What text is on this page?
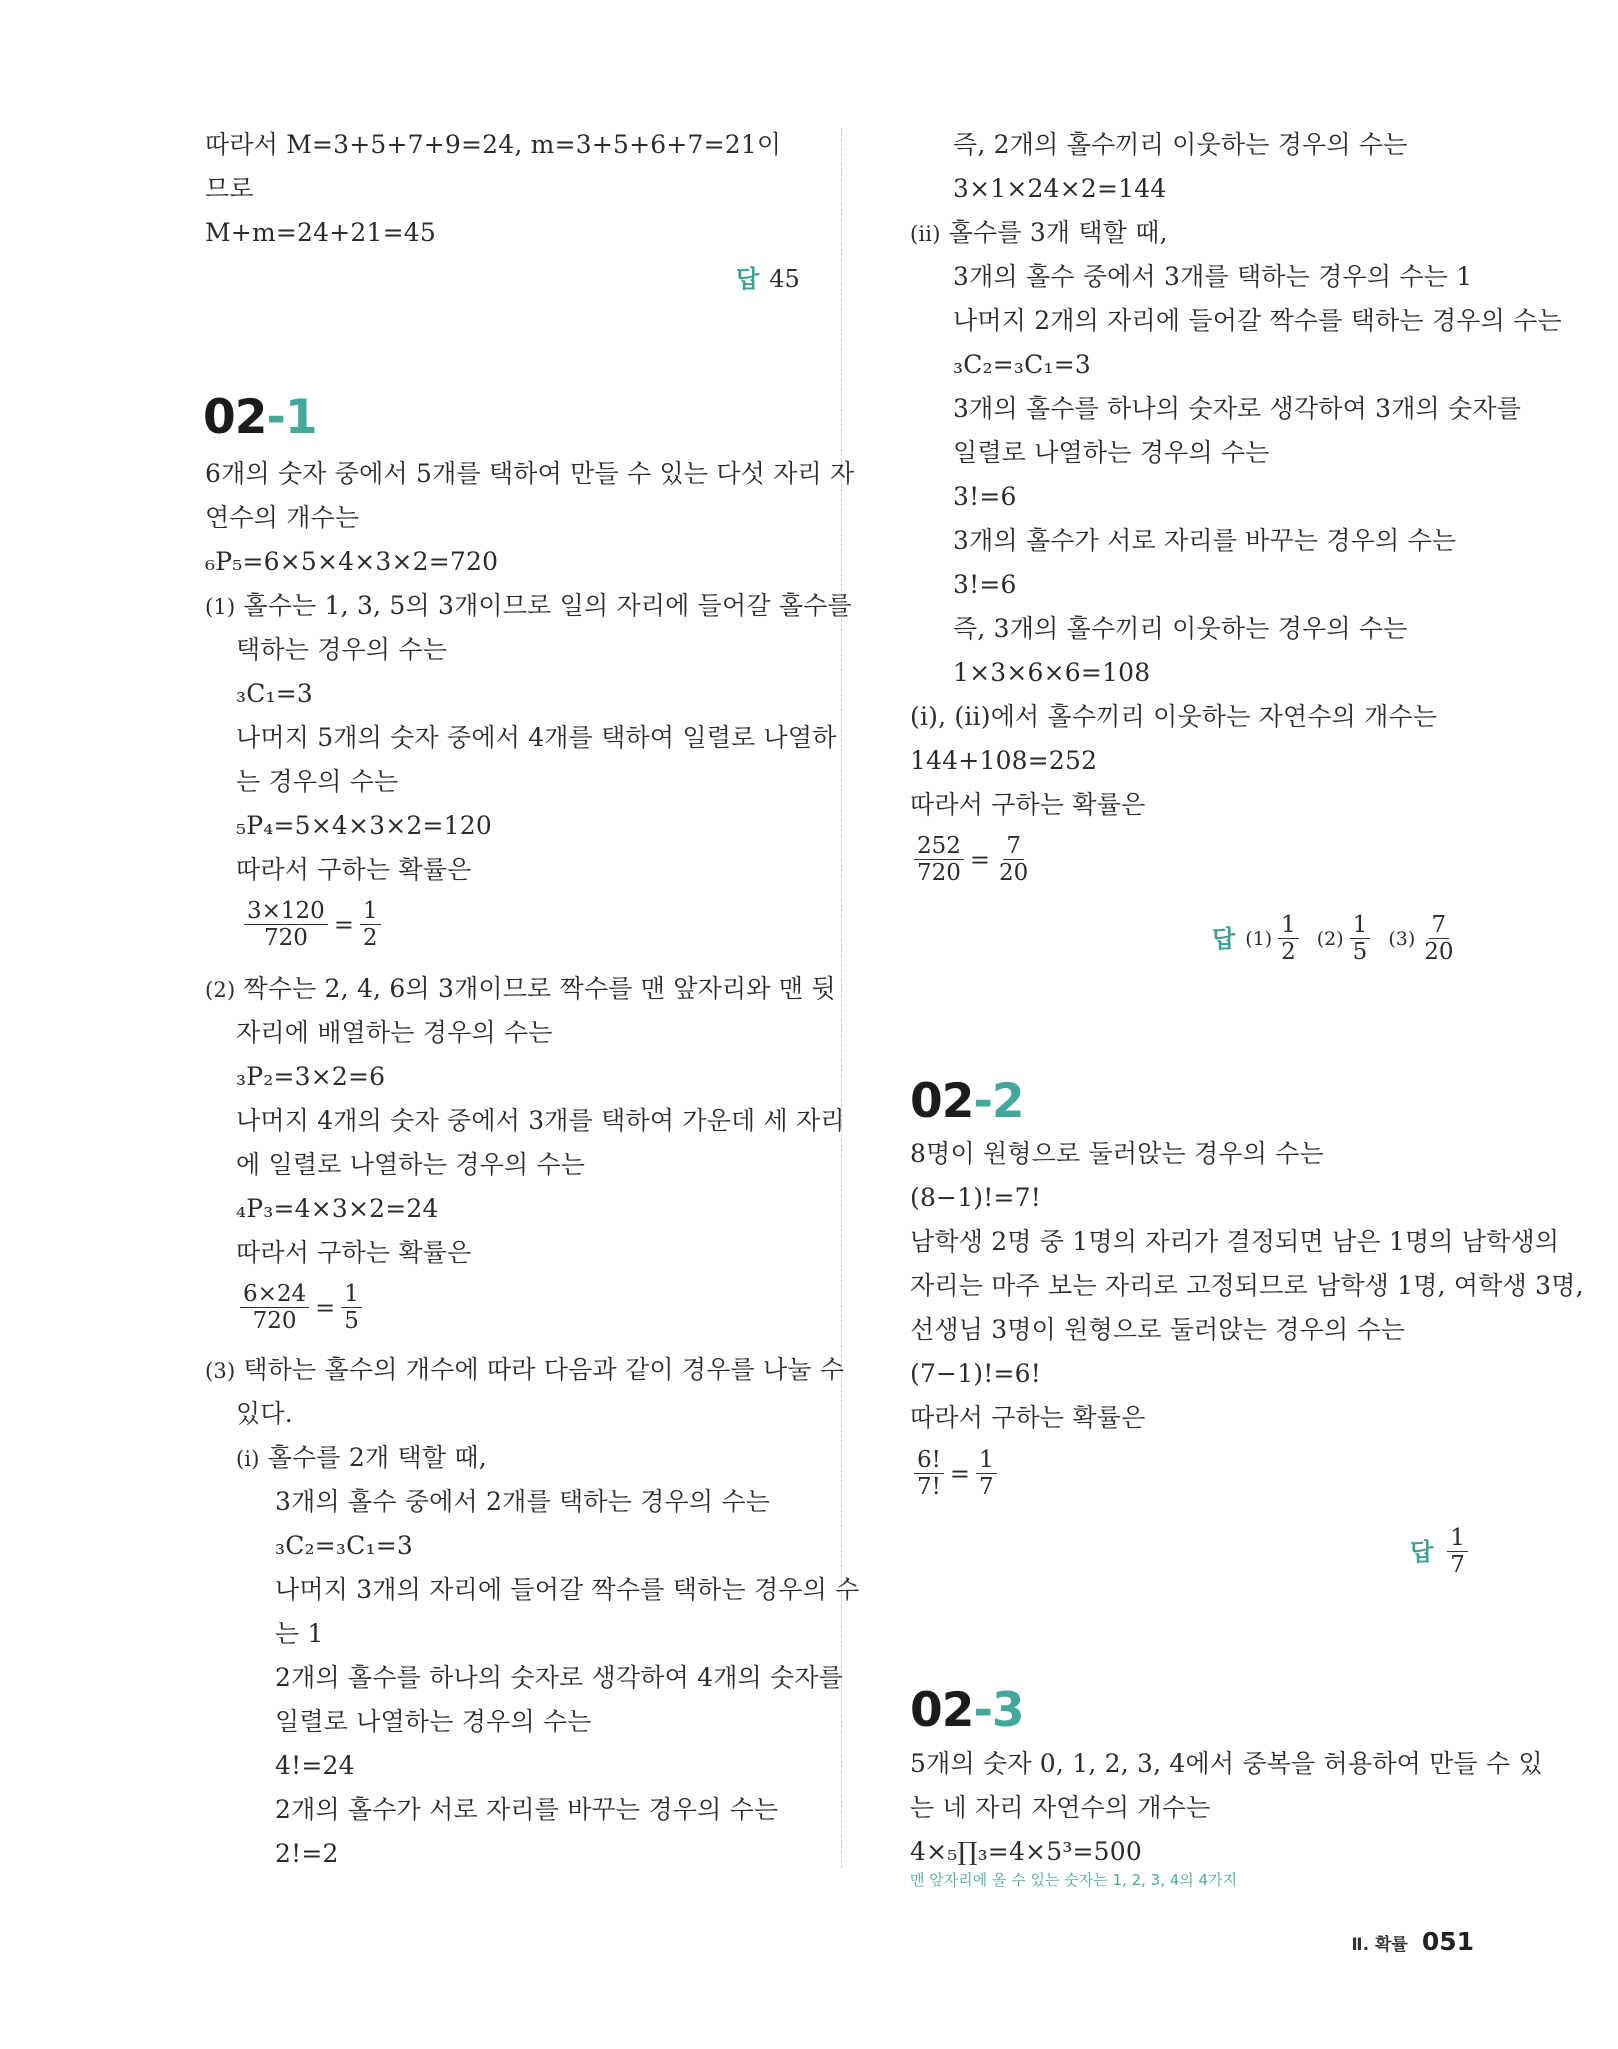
따라서 M=3+5+7+9=24, m=3+5+6+7=21이
므로
M+m=24+21=45
답 45
02-1
6개의 숫자 중에서 5개를 택하여 만들 수 있는 다섯 자리 자
연수의 개수는
₆P₅=6×5×4×3×2=720
(1) 홀수는 1, 3, 5의 3개이므로 일의 자리에 들어갈 홀수를
택하는 경우의 수는
₃C₁=3
나머지 5개의 숫자 중에서 4개를 택하여 일렬로 나열하
는 경우의 수는
₅P₄=5×4×3×2=120
따라서 구하는 확률은
$\frac{3\times 120}{720} = \frac{1}{2}$
(2) 짝수는 2, 4, 6의 3개이므로 짝수를 맨 앞자리와 맨 뒷
자리에 배열하는 경우의 수는
₃P₂=3×2=6
나머지 4개의 숫자 중에서 3개를 택하여 가운데 세 자리
에 일렬로 나열하는 경우의 수는
₄P₃=4×3×2=24
따라서 구하는 확률은
$\frac{6\times 24}{720} = \frac{1}{5}$
(3) 택하는 홀수의 개수에 따라 다음과 같이 경우를 나눌 수
있다.
(i) 홀수를 2개 택할 때,
3개의 홀수 중에서 2개를 택하는 경우의 수는
₃C₂=₃C₁=3
나머지 3개의 자리에 들어갈 짝수를 택하는 경우의 수
는 1
2개의 홀수를 하나의 숫자로 생각하여 4개의 숫자를
일렬로 나열하는 경우의 수는
4!=24
2개의 홀수가 서로 자리를 바꾸는 경우의 수는
2!=2
즉, 2개의 홀수끼리 이웃하는 경우의 수는
3×1×24×2=144
(ii) 홀수를 3개 택할 때,
3개의 홀수 중에서 3개를 택하는 경우의 수는 1
나머지 2개의 자리에 들어갈 짝수를 택하는 경우의 수는
₃C₂=₃C₁=3
3개의 홀수를 하나의 숫자로 생각하여 3개의 숫자를
일렬로 나열하는 경우의 수는
3!=6
3개의 홀수가 서로 자리를 바꾸는 경우의 수는
3!=6
즉, 3개의 홀수끼리 이웃하는 경우의 수는
1×3×6×6=108
(i), (ii)에서 홀수끼리 이웃하는 자연수의 개수는
144+108=252
따라서 구하는 확률은
$\frac{252}{720} = \frac{7}{20}$
답 $(1) \frac{1}{2} (2) \frac{1}{5} (3) \frac{7}{20}$
02-2
8명이 원형으로 둘러앉는 경우의 수는
(8−1)!=7!
남학생 2명 중 1명의 자리가 결정되면 남은 1명의 남학생의
자리는 마주 보는 자리로 고정되므로 남학생 1명, 여학생 3명,
선생님 3명이 원형으로 둘러앉는 경우의 수는
(7−1)!=6!
따라서 구하는 확률은
$\frac{6!}{7!} = \frac{1}{7}$
답 $\frac{1}{7}$
02-3
5개의 숫자 0, 1, 2, 3, 4에서 중복을 허용하여 만들 수 있
는 네 자리 자연수의 개수는
4×₅∏₃=4×5³=500
맨 앞자리에 올 수 있는 숫자는 1, 2, 3, 4의 4가지
Ⅱ. 확률 051
